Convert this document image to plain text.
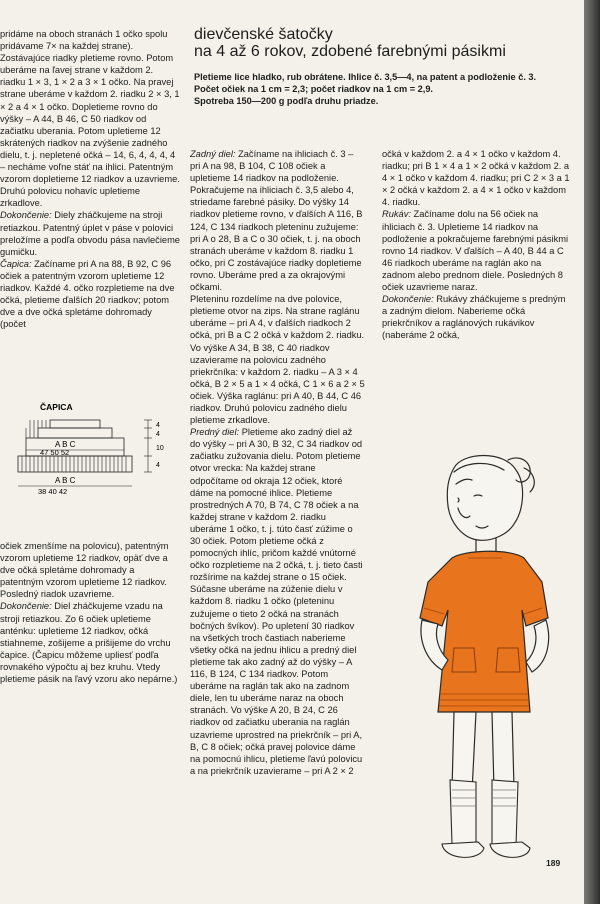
pridáme na oboch stranách 1 očko spolu pridávame 7× na každej strane). Zostávajúce riadky pletieme rovno. Potom uberáme na ľavej strane v každom 2. riadku 1 × 3, 1 × 2 a 3 × 1 očko. Na pravej strane uberáme v každom 2. riadku 2 × 3, 1 × 2 a 4 × 1 očko. Dopletieme rovno do výšky – A 44, B 46, C 50 riadkov od začiatku uberania. Potom upletieme 12 skrátených riadkov na zvýšenie zadného dielu, t. j. nepletené očká – 14, 6, 4, 4, 4, 4 – necháme voľne stáť na ihlici. Patentným vzorom dopletieme 12 riadkov a uzavrieme. Druhú polovicu nohavíc upletieme zrkadlove.

Dokončenie: Diely zháčkujeme na stroji retiazkou. Patentný úplet v páse v polovici preložíme a podľa obvodu pása navlečieme gumičku.

Čapica: Začíname pri A na 88, B 92, C 96 očiek a patentným vzorom upletieme 12 riadkov. Každé 4. očko rozpletieme na dve očká, pletieme ďalších 20 riadkov; potom dve a dve očká spletáme dohromady (počet

ČAPICA
A B C
47 50 52
A B C
38 40 42
4
4
10
4

očiek zmenšíme na polovicu), patentným vzorom upletieme 12 riadkov, opäť dve a dve očká spletáme dohromady a patentným vzorom upletieme 12 riadkov. Posledný riadok uzavrieme.

Dokončenie: Diel zháčkujeme vzadu na stroji retiazkou. Zo 6 očiek upletieme anténku: upletieme 12 riadkov, očká stiahneme, zošijeme a prišijeme do vrchu čapice. (Čapicu môžeme upliesť podľa rovnakého výpočtu aj bez kruhu. Vtedy pletieme pásik na ľavý vzoru ako nepárne.)

dievčenské šatočky
na 4 až 6 rokov, zdobené farebnými pásikmi

Pletieme lice hladko, rub obrátene. Ihlice č. 3,5—4, na patent a podloženie č. 3.

Počet očiek na 1 cm = 2,3; počet riadkov na 1 cm = 2,9.

Spotreba 150—200 g podľa druhu priadze.

Zadný diel: Začíname na ihliciach č. 3 – pri A na 98, B 104, C 108 očiek a upletieme 14 riadkov na podloženie. Pokračujeme na ihliciach č. 3,5 alebo 4, striedame farebné pásiky. Do výšky 14 riadkov pletieme rovno, v ďalších A 116, B 124, C 134 riadkoch pleteninu zužujeme: pri A o 28, B a C o 30 očiek, t. j. na oboch stranách uberáme v každom 8. riadku 1 očko, pri C zostávajúce riadky dopletieme rovno. Uberáme pred a za okrajovými očkami.

Pleteninu rozdelíme na dve polovice, pletieme otvor na zips. Na strane raglánu uberáme – pri A 4, v ďalších riadkoch 2 očká, pri B a C 2 očká v každom 2. riadku. Vo výške A 34, B 38, C 40 riadkov uzavierame na polovicu zadného priekrčníka: v každom 2. riadku – A 3 × 4 očká, B 2 × 5 a 1 × 4 očká, C 1 × 6 a 2 × 5 očiek. Výška raglánu: pri A 40, B 44, C 46 riadkov. Druhú polovicu zadného dielu pletieme zrkadlove.

Predný diel: Pletieme ako zadný diel až do výšky – pri A 30, B 32, C 34 riadkov od začiatku zužovania dielu. Potom pletieme otvor vrecka: Na každej strane odpočítame od okraja 12 očiek, ktoré dáme na pomocné ihlice. Pletieme prostredných A 70, B 74, C 78 očiek a na každej strane v každom 2. riadku uberáme 1 očko, t. j. túto časť zúžime o 30 očiek. Potom pletieme očká z pomocných ihlíc, pričom každé vnútorné očko rozpletieme na 2 očká, t. j. tieto časti rozšírime na každej strane o 15 očiek. Súčasne uberáme na zúženie dielu v každom 8. riadku 1 očko (pleteninu zužujeme o tieto 2 očká na stranách bočných švíkov). Po upletení 30 riadkov na všetkých troch častiach naberieme všetky očká na jednu ihlicu a predný diel pletieme tak ako zadný až do výšky – A 116, B 124, C 134 riadkov. Potom uberáme na raglán tak ako na zadnom diele, len tu uberáme naraz na oboch stranách. Vo výške A 20, B 24, C 26 riadkov od začiatku uberania na raglán uzavrieme uprostred na priekrčník – pri A, B, C 8 očiek; očká pravej polovice dáme na pomocnú ihlicu, pletieme ľavú polovicu a na priekrčník uzavierame – pri A 2 × 2

očká v každom 2. a 4 × 1 očko v každom 4. riadku; pri B 1 × 4 a 1 × 2 očká v každom 2. a 4 × 1 očko v každom 4. riadku; pri C 2 × 3 a 1 × 2 očká v každom 2. a 4 × 1 očko v každom 4. riadku.

Rukáv: Začíname dolu na 56 očiek na ihliciach č. 3. Upletieme 14 riadkov na podloženie a pokračujeme farebnými pásikmi rovno 14 riadkov. V ďalších – A 40, B 44 a C 46 riadkoch uberáme na raglán ako na zadnom alebo prednom diele. Posledných 8 očiek uzavrieme naraz.

Dokončenie: Rukávy zháčkujeme s predným a zadným dielom. Naberieme očká priekrčníkov a raglánových rukávikov (naberáme 2 očká,

189
